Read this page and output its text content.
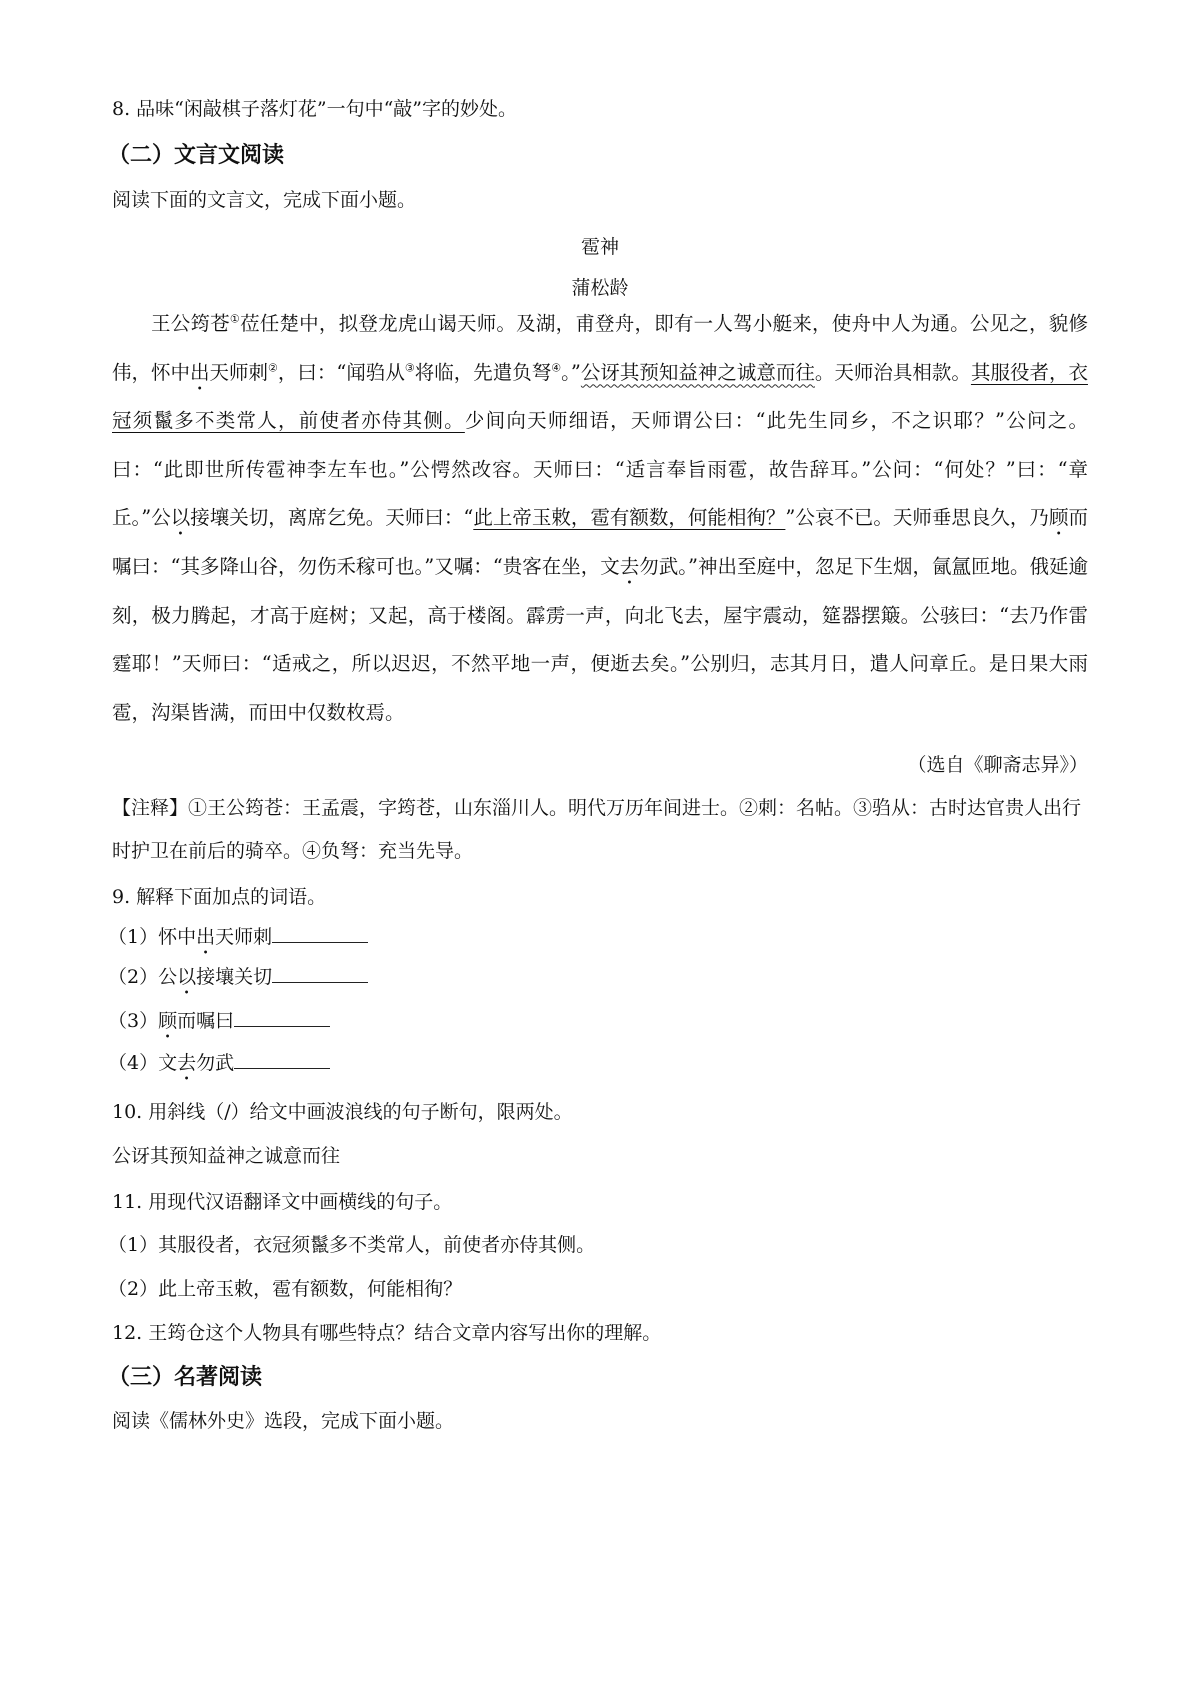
8. 品味“闲敲棋子落灯花”一句中“敲”字的妙处。
（二）文言文阅读
阅读下面的文言文，完成下面小题。
雹神
蒲松龄

王公筠苍①莅任楚中，拟登龙虎山谒天师。及湖，甫登舟，即有一人驾小艇来，使舟中人为通。公见之，貌修伟，怀中出天师刺②，曰：“闻驺从③将临，先遣负弩④。”公讶其预知益神之诚意而往。天师治具相款。其服役者，衣冠须鬣多不类常人，前使者亦侍其侧。少间向天师细语，天师谓公曰：“此先生同乡，不之识耶？”公问之。曰：“此即世所传雹神李左车也。”公愕然改容。天师曰：“适言奉旨雨雹，故告辞耳。”公问：“何处？”曰：“章丘。”公以接壤关切，离席乞免。天师曰：“此上帝玉敕，雹有额数，何能相徇？”公哀不已。天师垂思良久，乃顾而嘱曰：“其多降山谷，勿伤禾稼可也。”又嘱：“贵客在坐，文去勿武。”神出至庭中，忽足下生烟，氤氲匝地。俄延逾刻，极力腾起，才高于庭树；又起，高于楼阁。霹雳一声，向北飞去，屋宇震动，筵器摆簸。公骇曰：“去乃作雷霆耶！”天师曰：“适戒之，所以迟迟，不然平地一声，便逝去矣。”公别归，志其月日，遣人问章丘。是日果大雨雹，沟渠皆满，而田中仅数枚焉。

（选自《聊斋志异》）

【注释】①王公筠苍：王孟震，字筠苍，山东淄川人。明代万历年间进士。②刺：名帖。③驺从：古时达官贵人出行时护卫在前后的骑卒。④负弩：充当先导。

9. 解释下面加点的词语。
（1）怀中出天师刺
（2）公以接壤关切
（3）顾而嘱曰
（4）文去勿武
10. 用斜线（/）给文中画波浪线的句子断句，限两处。
公讶其预知益神之诚意而往
11. 用现代汉语翻译文中画横线的句子。
（1）其服役者，衣冠须鬣多不类常人，前使者亦侍其侧。
（2）此上帝玉敕，雹有额数，何能相徇？
12. 王筠仓这个人物具有哪些特点？结合文章内容写出你的理解。
（三）名著阅读
阅读《儒林外史》选段，完成下面小题。
